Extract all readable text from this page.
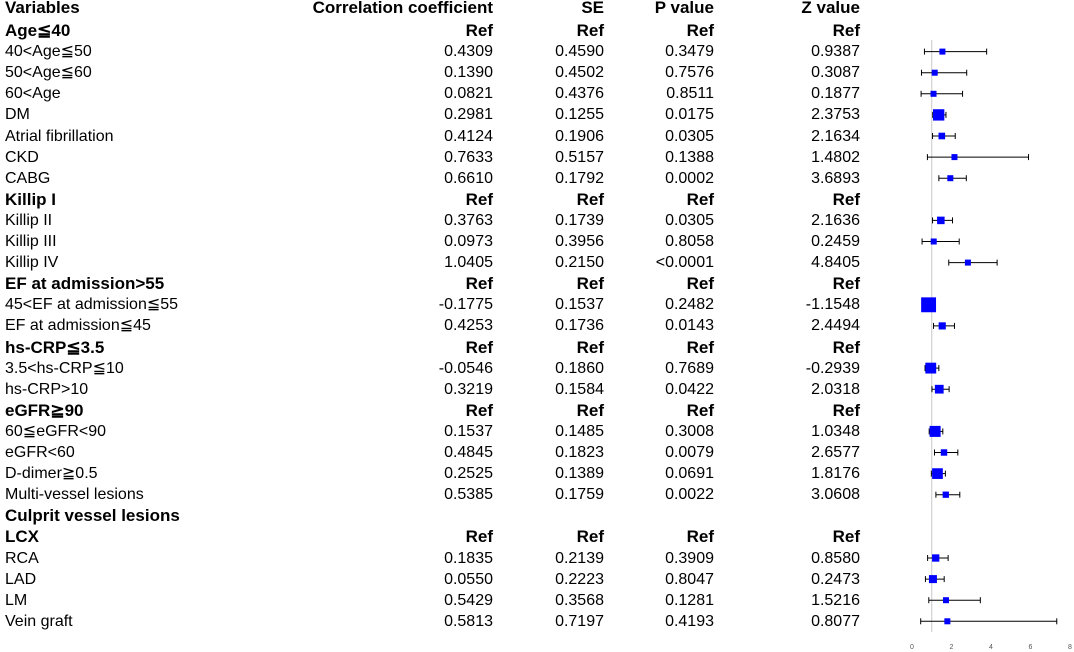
Variables	Correlation coefficient	SE	P value	Z value
Age≦40	Ref	Ref	Ref	Ref
40<Age≦50	0.4309	0.4590	0.3479	0.9387
50<Age≦60	0.1390	0.4502	0.7576	0.3087
60<Age	0.0821	0.4376	0.8511	0.1877
DM	0.2981	0.1255	0.0175	2.3753
Atrial fibrillation	0.4124	0.1906	0.0305	2.1634
CKD	0.7633	0.5157	0.1388	1.4802
CABG	0.6610	0.1792	0.0002	3.6893
Killip I	Ref	Ref	Ref	Ref
Killip II	0.3763	0.1739	0.0305	2.1636
Killip III	0.0973	0.3956	0.8058	0.2459
Killip IV	1.0405	0.2150	<0.0001	4.8405
EF at admission>55	Ref	Ref	Ref	Ref
45<EF at admission≦55	-0.1775	0.1537	0.2482	-1.1548
EF at admission≦45	0.4253	0.1736	0.0143	2.4494
hs-CRP≦3.5	Ref	Ref	Ref	Ref
3.5<hs-CRP≦10	-0.0546	0.1860	0.7689	-0.2939
hs-CRP>10	0.3219	0.1584	0.0422	2.0318
eGFR≧90	Ref	Ref	Ref	Ref
60≦eGFR<90	0.1537	0.1485	0.3008	1.0348
eGFR<60	0.4845	0.1823	0.0079	2.6577
D-dimer≧0.5	0.2525	0.1389	0.0691	1.8176
Multi-vessel lesions	0.5385	0.1759	0.0022	3.0608
Culprit vessel lesions
LCX	Ref	Ref	Ref	Ref
RCA	0.1835	0.2139	0.3909	0.8580
LAD	0.0550	0.2223	0.8047	0.2473
LM	0.5429	0.3568	0.1281	1.5216
Vein graft	0.5813	0.7197	0.4193	0.8077
0	2	4	6	8
